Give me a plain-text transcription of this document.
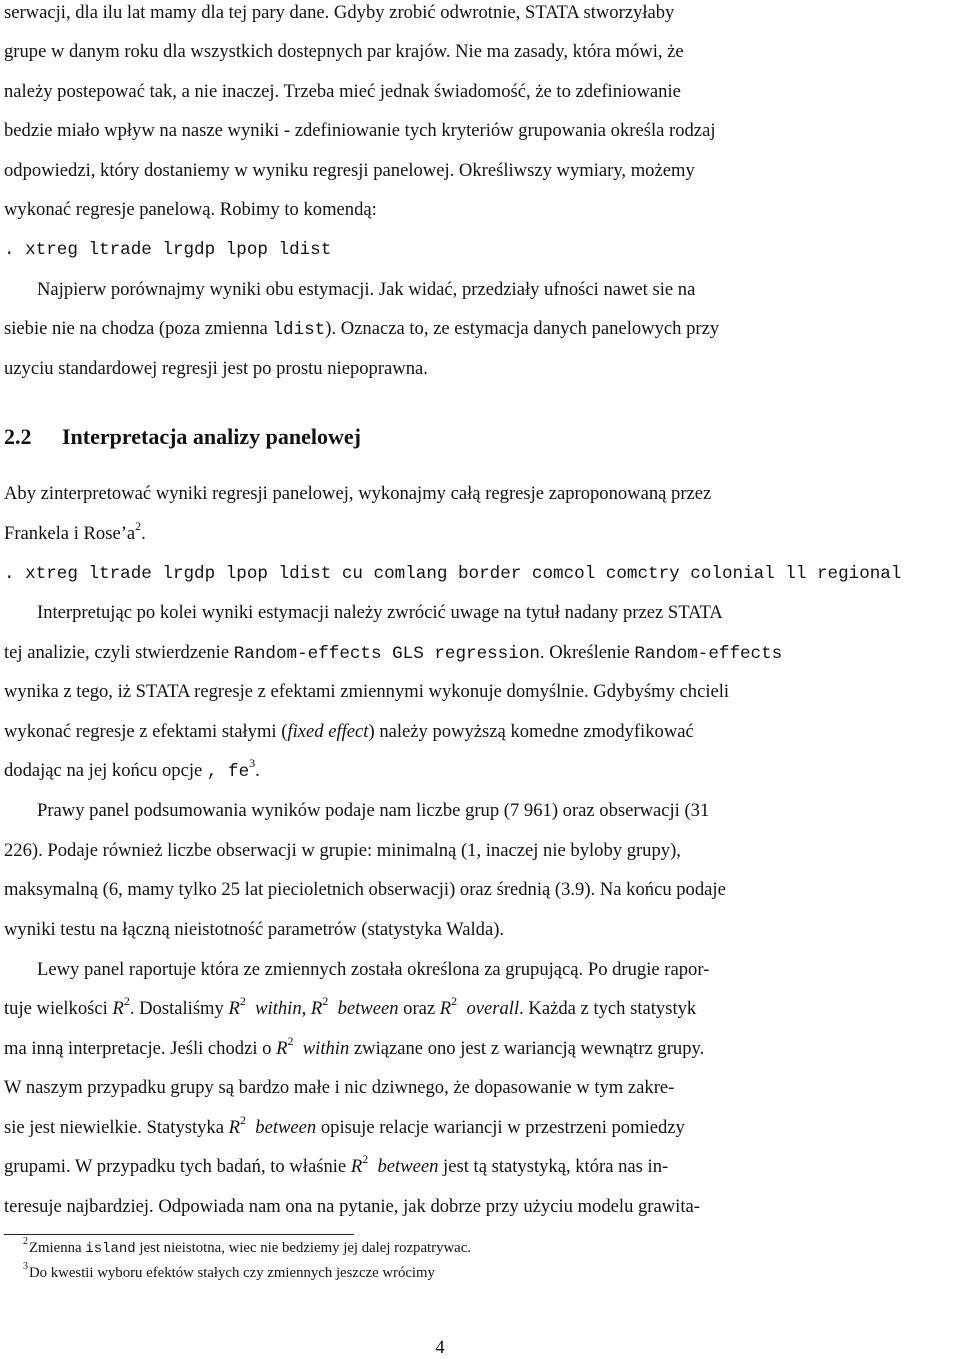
serwacji, dla ilu lat mamy dla tej pary dane. Gdyby zrobić odwrotnie, STATA stworzyłaby
grupe w danym roku dla wszystkich dostepnych par krajów. Nie ma zasady, która mówi, że
należy postepować tak, a nie inaczej. Trzeba mieć jednak świadomość, że to zdefiniowanie
bedzie miało wpływ na nasze wyniki - zdefiniowanie tych kryteriów grupowania określa rodzaj
odpowiedzi, który dostaniemy w wyniku regresji panelowej. Określiwszy wymiary, możemy
wykonać regresje panelową. Robimy to komendą:
. xtreg ltrade lrgdp lpop ldist
Najpierw porównajmy wyniki obu estymacji. Jak widać, przedziały ufności nawet sie na
siebie nie na chodza (poza zmienna ldist). Oznacza to, ze estymacja danych panelowych przy
uzyciu standardowej regresji jest po prostu niepoprawna.
2.2 Interpretacja analizy panelowej
Aby zinterpretować wyniki regresji panelowej, wykonajmy całą regresje zaproponowaną przez
Frankela i $Rose’a^2$.
. xtreg ltrade lrgdp lpop ldist cu comlang border comcol comctry colonial ll regional
Interpretując po kolei wyniki estymacji należy zwrócić uwage na tytuł nadany przez STATA
tej analizie, czyli stwierdzenie Random-effects GLS regression. Określenie Random-effects
wynika z tego, iż STATA regresje z efektami zmiennymi wykonuje domyślnie. Gdybyśmy chcieli
wykonać regresje z efektami stałymi (fixed effect) należy powyższą komedne zmodyfikować
dodając na jej końcu opcje , $fe^3$.
Prawy panel podsumowania wyników podaje nam liczbe grup (7 961) oraz obserwacji (31
226). Podaje również liczbe obserwacji w grupie: minimalną (1, inaczej nie byloby grupy),
maksymalną (6, mamy tylko 25 lat piecioletnich obserwacji) oraz średnią (3.9). Na końcu podaje
wyniki testu na łączną nieistotność parametrów (statystyka Walda).
Lewy panel raportuje która ze zmiennych została określona za grupującą. Po drugie rapor-
tuje wielkości $R^2$. Dostaliśmy $R^2$ within, $R^2$ between oraz $R^2$ overall. Każda z tych statystyk
ma inną interpretacje. Jeśli chodzi o $R^2$ within związane ono jest z wariancją wewnątrz grupy.
W naszym przypadku grupy są bardzo małe i nic dziwnego, że dopasowanie w tym zakre-
sie jest niewielkie. Statystyka $R^2$ between opisuje relacje wariancji w przestrzeni pomiedzy
grupami. W przypadku tych badań, to właśnie $R^2$ between jest tą statystyką, która nas in-
teresuje najbardziej. Odpowiada nam ona na pytanie, jak dobrze przy użyciu modelu grawita-
$^2$Zmienna island jest nieistotna, wiec nie bedziemy jej dalej rozpatrywac.
$^3$Do kwestii wyboru efektów stałych czy zmiennych jeszcze wrócimy
4
